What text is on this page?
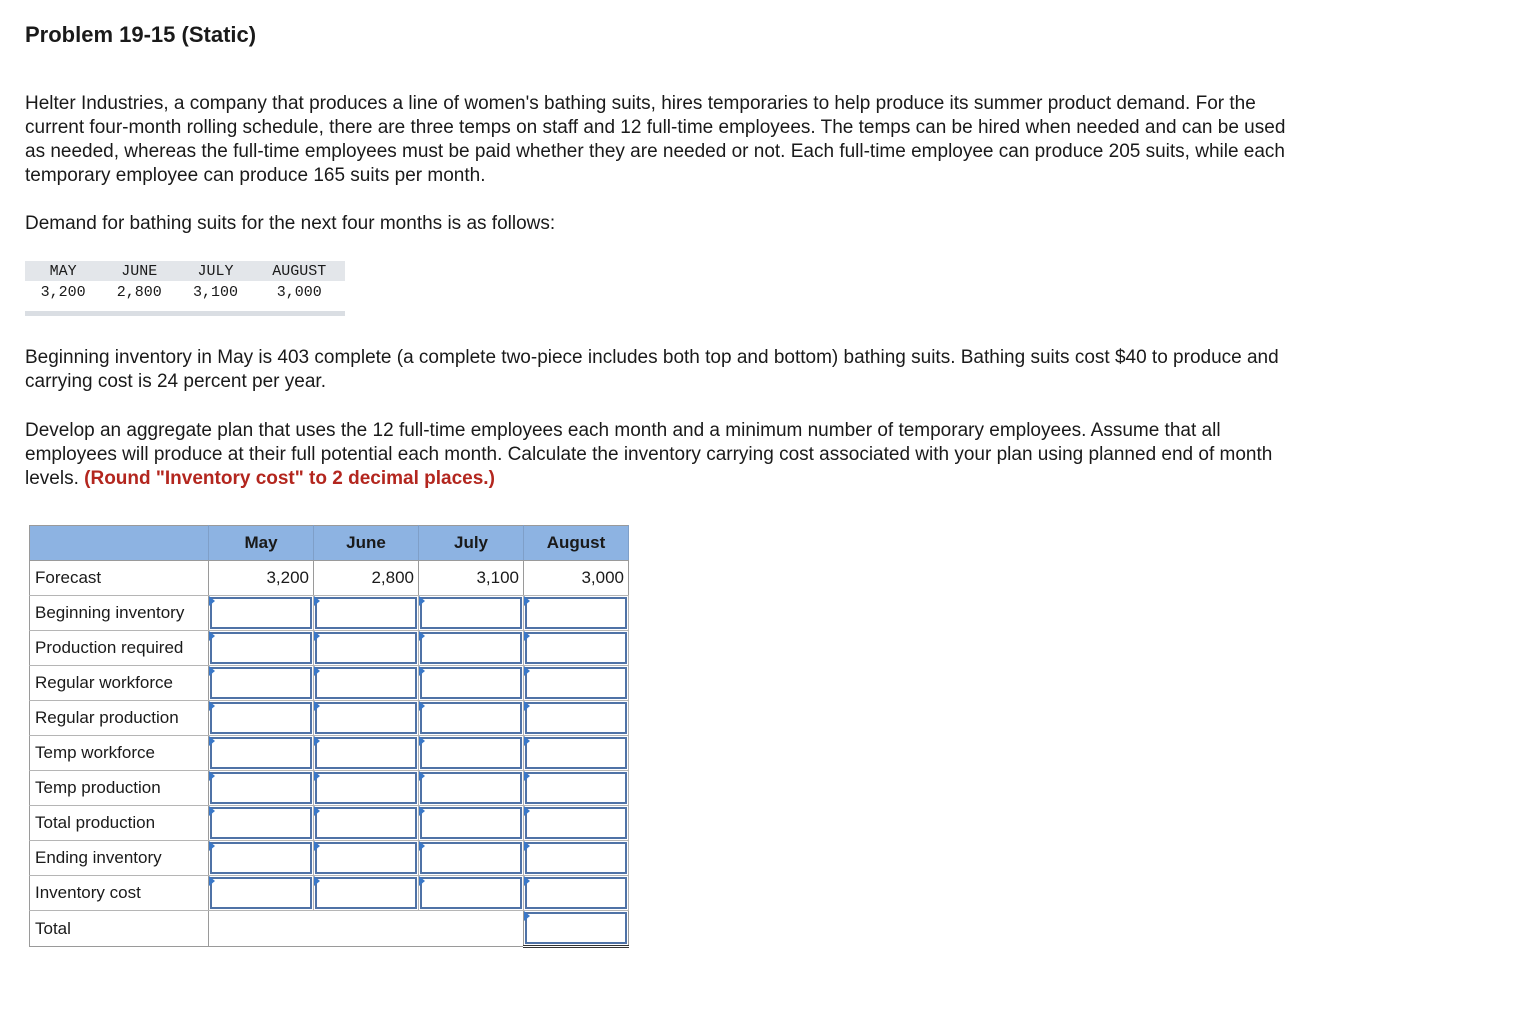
Problem 19-15 (Static)

Helter Industries, a company that produces a line of women's bathing suits, hires temporaries to help produce its summer product demand. For the current four-month rolling schedule, there are three temps on staff and 12 full-time employees. The temps can be hired when needed and can be used as needed, whereas the full-time employees must be paid whether they are needed or not. Each full-time employee can produce 205 suits, while each temporary employee can produce 165 suits per month.

Demand for bathing suits for the next four months is as follows:

MAY	JUNE	JULY	AUGUST
3,200	2,800	3,100	3,000

Beginning inventory in May is 403 complete (a complete two-piece includes both top and bottom) bathing suits. Bathing suits cost $40 to produce and carrying cost is 24 percent per year.

Develop an aggregate plan that uses the 12 full-time employees each month and a minimum number of temporary employees. Assume that all employees will produce at their full potential each month. Calculate the inventory carrying cost associated with your plan using planned end of month levels. (Round "Inventory cost" to 2 decimal places.)

	May	June	July	August
Forecast	3,200	2,800	3,100	3,000
Beginning inventory	

Production required	

Regular workforce	

Regular production	

Temp workforce	

Temp production	

Total production	

Ending inventory	

Inventory cost	

Total		
